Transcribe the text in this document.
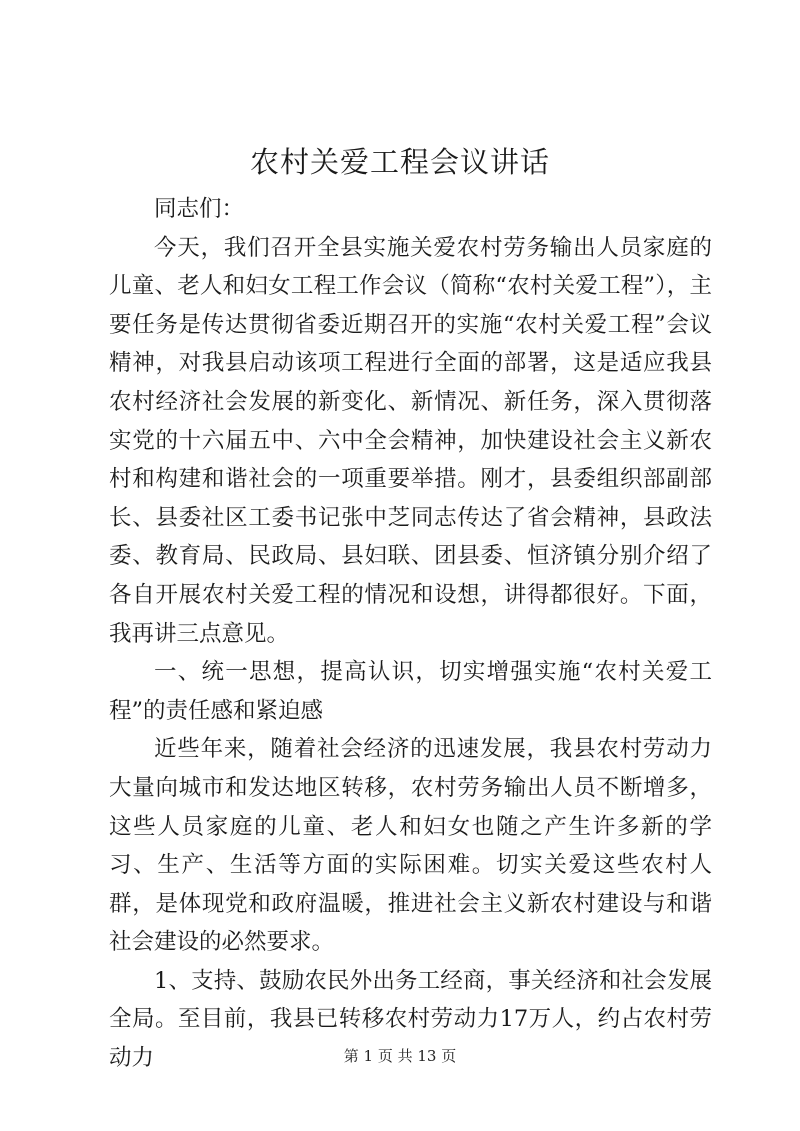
农村关爱工程会议讲话

同志们：

今天，我们召开全县实施关爱农村劳务输出人员家庭的儿童、老人和妇女工程工作会议（简称“农村关爱工程”），主要任务是传达贯彻省委近期召开的实施“农村关爱工程”会议精神，对我县启动该项工程进行全面的部署，这是适应我县农村经济社会发展的新变化、新情况、新任务，深入贯彻落实党的十六届五中、六中全会精神，加快建设社会主义新农村和构建和谐社会的一项重要举措。刚才，县委组织部副部长、县委社区工委书记张中芝同志传达了省会精神，县政法委、教育局、民政局、县妇联、团县委、恒济镇分别介绍了各自开展农村关爱工程的情况和设想，讲得都很好。下面，我再讲三点意见。

一、统一思想，提高认识，切实增强实施“农村关爱工程”的责任感和紧迫感

近些年来，随着社会经济的迅速发展，我县农村劳动力大量向城市和发达地区转移，农村劳务输出人员不断增多，这些人员家庭的儿童、老人和妇女也随之产生许多新的学习、生产、生活等方面的实际困难。切实关爱这些农村人群，是体现党和政府温暖，推进社会主义新农村建设与和谐社会建设的必然要求。

1、支持、鼓励农民外出务工经商，事关经济和社会发展全局。至目前，我县已转移农村劳动力17万人，约占农村劳动力	第 1 页 共 13 页
